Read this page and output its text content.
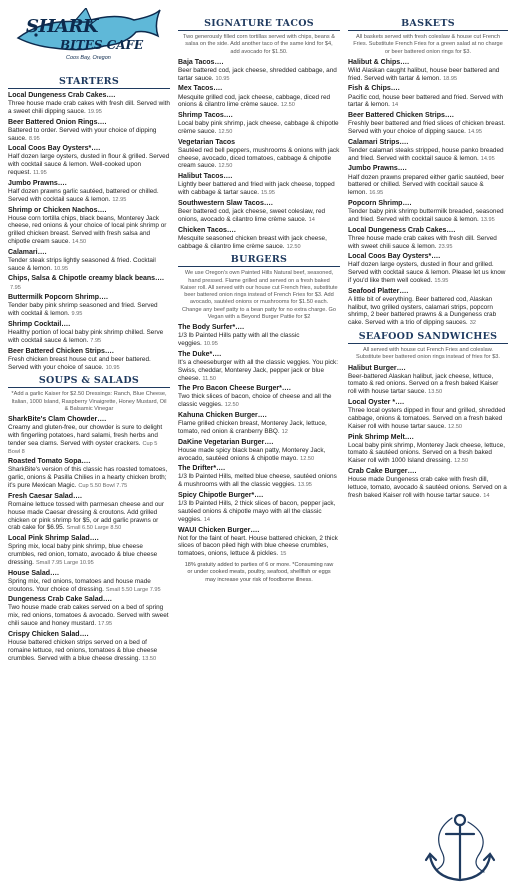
SHARK
BITES CAFE
Coos Bay, Oregon
STARTERS
Local Dungeness Crab Cakes….
Three house made crab cakes with fresh dill. Served with a sweet chili dipping sauce. 19.95
Beer Battered Onion Rings….
Battered to order. Served with your choice of dipping sauce. 8.95
Local Coos Bay Oysters*….
Half dozen large oysters, dusted in flour & grilled. Served with cocktail sauce & lemon. Well-cooked upon request. 11.95
Jumbo Prawns….
Half dozen prawns garlic sautéed, battered or chilled. Served with cocktail sauce & lemon. 12.95
Shrimp or Chicken Nachos….
House corn tortilla chips, black beans, Monterey Jack cheese, red onions & your choice of local pink shrimp or grilled chicken breast. Served with fresh salsa and chipotle cream sauce. 14.50
Calamari….
Tender steak strips lightly seasoned & fried. Cocktail sauce & lemon. 10.95
Chips, Salsa & Chipotle creamy black beans….
7.95
Buttermilk Popcorn Shrimp….
Tender baby pink shrimp seasoned and fried. Served with cocktail & lemon. 9.95
Shrimp Cocktail….
Healthy portion of local baby pink shrimp chilled. Serve with cocktail sauce & lemon. 7.95
Beer Battered Chicken Strips….
Fresh chicken breast house cut and beer battered. Served with your choice of sauce. 10.95
SOUPS & SALADS
*Add a garlic Kaiser for $2.50 Dressings: Ranch, Blue Cheese, Italian, 1000 Island, Raspberry Vinaigrette, Honey Mustard, Oil & Balsamic Vinegar
SharkBite's Clam Chowder….
Creamy and gluten-free, our chowder is sure to delight with fingerling potatoes, hard salami, fresh herbs and tender sea clams. Served with oyster crackers. Cup 5 Bowl 8
Roasted Tomato Sopa….
SharkBite's version of this classic has roasted tomatoes, garlic, onions & Pasilla Chilies in a hearty chicken broth; it's pure Mexican Magic. Cup 5.50 Bowl 7.75
Fresh Caesar Salad….
Romaine lettuce tossed with parmesan cheese and our house made Caesar dressing & croutons. Add grilled chicken or pink shrimp for $5, or add garlic prawns or crab cake for $6.95. Small 6.50 Large 8.50
Local Pink Shrimp Salad….
Spring mix, local baby pink shrimp, blue cheese crumbles, red onion, tomato, avocado & blue cheese dressing. Small 7.95 Large 10.95
House Salad….
Spring mix, red onions, tomatoes and house made croutons. Your choice of dressing. Small 5.50 Large 7.95
Dungeness Crab Cake Salad….
Two house made crab cakes served on a bed of spring mix, red onions, tomatoes & avocado. Served with sweet chili sauce and honey mustard. 17.95
Crispy Chicken Salad….
House battered chicken strips served on a bed of romaine lettuce, red onions, tomatoes & blue cheese crumbles. Served with a blue cheese dressing. 13.50
SIGNATURE TACOS
Two generously filled corn tortillas served with chips, beans & salsa on the side. Add another taco of the same kind for $4, add avocado for $1.50.
Baja Tacos….
Beer battered cod, jack cheese, shredded cabbage, and tartar sauce. 10.95
Mex Tacos….
Mesquite grilled cod, jack cheese, cabbage, diced red onions & cilantro lime crème sauce. 12.50
Shrimp Tacos….
Local baby pink shrimp, jack cheese, cabbage & chipotle crème sauce. 12.50
Vegetarian Tacos
Sautéed red bell peppers, mushrooms & onions with jack cheese, avocado, diced tomatoes, cabbage & chipotle cream sauce. 12.50
Halibut Tacos….
Lightly beer battered and fried with jack cheese, topped with cabbage & tartar sauce. 15.95
Southwestern Slaw Tacos….
Beer battered cod, jack cheese, sweet coleslaw, red onions, avocado & cilantro lime crème sauce. 14
Chicken Tacos….
Mesquite seasoned chicken breast with jack cheese, cabbage & cilantro lime crème sauce. 12.50
BURGERS
We use Oregon's own Painted Hills Natural beef, seasoned, hand pressed. Flame grilled and served on a fresh baked Kaiser roll. All served with our house cut French fries, substitute beer battered onion rings instead of French Fries for $3. Add avocado, sautéed onions or mushrooms for $1.50 each. Change any beef patty to a bean patty for no extra charge. Go Vegan with a Beyond Burger Pattie for $2
The Body Surfer*….
1/3 lb Painted Hills patty with all the classic veggies. 10.95
The Duke*….
It's a cheeseburger with all the classic veggies. You pick: Swiss, cheddar, Monterey Jack, pepper jack or blue cheese. 11.50
The Pro Bacon Cheese Burger*….
Two thick slices of bacon, choice of cheese and all the classic veggies. 12.50
Kahuna Chicken Burger….
Flame grilled chicken breast, Monterey Jack, lettuce, tomato, red onion & cranberry BBQ. 12
DaKine Vegetarian Burger….
House made spicy black bean patty, Monterey Jack, avocado, sautéed onions & chipotle mayo. 12.50
The Drifter*….
1/3 lb Painted Hills, melted blue cheese, sautéed onions & mushrooms with all the classic veggies. 13.95
Spicy Chipotle Burger*….
1/3 lb Painted Hills, 2 thick slices of bacon, pepper jack, sautéed onions & chipotle mayo with all the classic veggies. 14
WAUI Chicken Burger….
Not for the faint of heart. House battered chicken, 2 thick slices of bacon piled high with blue cheese crumbles, tomatoes, onions, lettuce & pickles. 15
18% gratuity added to parties of 6 or more. *Consuming raw or under cooked meats, poultry, seafood, shellfish or eggs may increase your risk of foodborne illness.
BASKETS
All baskets served with fresh coleslaw & house cut French Fries. Substitute French Fries for a green salad at no charge or beer battered onion rings for $3.
Halibut & Chips….
Wild Alaskan caught halibut, house beer battered and fried. Served with tartar & lemon. 18.95
Fish & Chips….
Pacific cod, house beer battered and fried. Served with tartar & lemon. 14
Beer Battered Chicken Strips….
Freshly beer battered and fried slices of chicken breast. Served with your choice of dipping sauce. 14.95
Calamari Strips….
Tender calamari steaks stripped, house panko breaded and fried. Served with cocktail sauce & lemon. 14.95
Jumbo Prawns….
Half dozen prawns prepared either garlic sautéed, beer battered or chilled. Served with cocktail sauce & lemon. 16.95
Popcorn Shrimp….
Tender baby pink shrimp buttermilk breaded, seasoned and fried. Served with cocktail sauce & lemon. 13.95
Local Dungeness Crab Cakes….
Three house made crab cakes with fresh dill. Served with sweet chili sauce & lemon. 23.95
Local Coos Bay Oysters*….
Half dozen large oysters, dusted in flour and grilled. Served with cocktail sauce & lemon. Please let us know if you'd like them well cooked. 15.95
Seafood Platter….
A little bit of everything. Beer battered cod, Alaskan halibut, two grilled oysters, calamari strips, popcorn shrimp, 2 beer battered prawns & a Dungeness crab cake. Served with a trio of dipping sauces. 32
SEAFOOD SANDWICHES
All served with house cut French Fries and coleslaw. Substitute beer battered onion rings instead of fries for $3.
Halibut Burger….
Beer-battered Alaskan halibut, jack cheese, lettuce, tomato & red onions. Served on a fresh baked Kaiser roll with house tartar sauce. 13.50
Local Oyster *….
Three local oysters dipped in flour and grilled, shredded cabbage, onions & tomatoes. Served on a fresh baked Kaiser roll with house tartar sauce. 12.50
Pink Shrimp Melt….
Local baby pink shrimp, Monterey Jack cheese, lettuce, tomato & sautéed onions. Served on a fresh baked Kaiser roll with 1000 Island dressing. 12.50
Crab Cake Burger….
House made Dungeness crab cake with fresh dill, lettuce, tomato, avocado & sautéed onions. Served on a fresh baked Kaiser roll with house tartar sauce. 14
